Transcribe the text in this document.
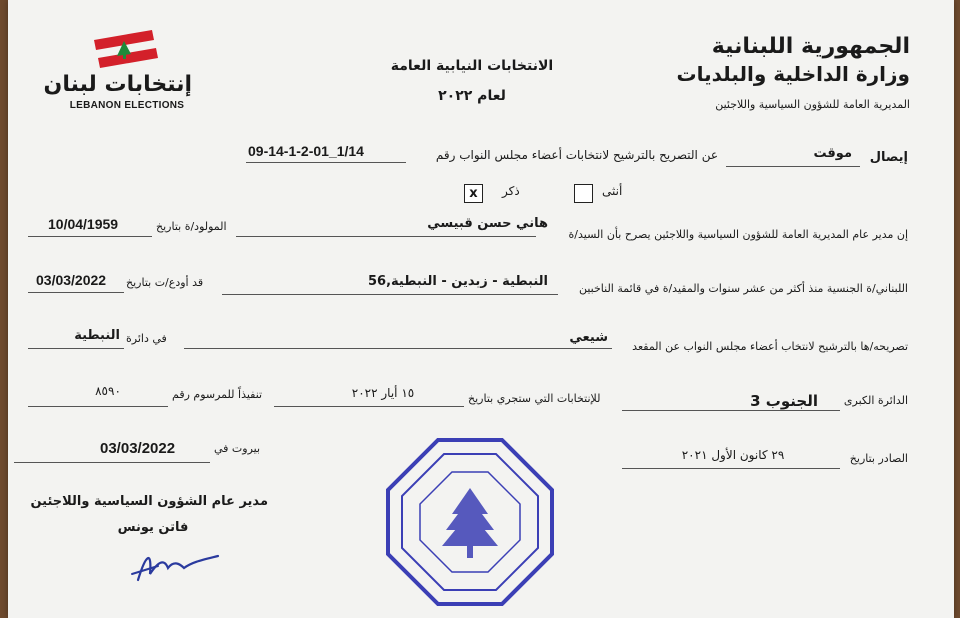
الجمهورية اللبنانية
وزارة الداخلية والبلديات
المديرية العامة للشؤون السياسية واللاجئين
الانتخابات النيابية العامة
لعام ٢٠٢٢
إنتخابات لبنان
LEBANON ELECTIONS
إيصال
موقت
عن التصريح بالترشيح لانتخابات أعضاء مجلس النواب رقم
09-14-1-2-01_1/14
أنثى
ذكر
x
إن مدير عام المديرية العامة للشؤون السياسية واللاجئين يصرح بأن السيد/ة
هاني حسن قبيسي
المولود/ة بتاريخ
10/04/1959
اللبناني/ة الجنسية منذ أكثر من عشر سنوات والمقيد/ة في قائمة الناخبين
النبطية - زبدين - النبطية,56
قد أودع/ت بتاريخ
03/03/2022
تصريحه/ها بالترشيح لانتخاب أعضاء مجلس النواب عن المقعد
شيعي
في دائرة
النبطية
الدائرة الكبرى
الجنوب 3
للإنتخابات التي ستجري بتاريخ
١٥ أيار ٢٠٢٢
تنفيذاً للمرسوم رقم
٨٥٩٠
الصادر بتاريخ
٢٩ كانون الأول ٢٠٢١
بيروت في
03/03/2022
مدير عام الشؤون السياسية واللاجئين
فاتن يونس
